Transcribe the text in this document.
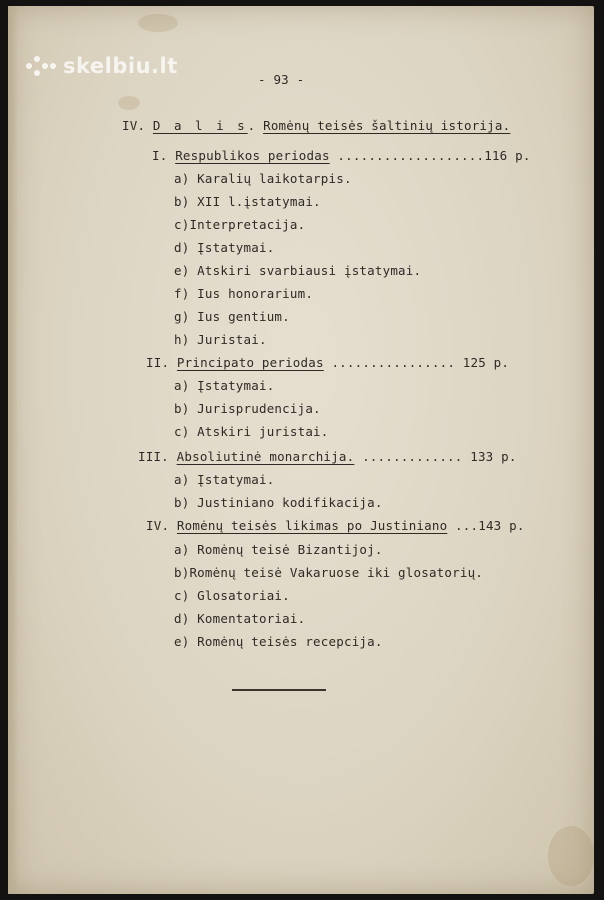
skelbiu.lt
- 93 -
IV. D a l i s. Romėnų teisės šaltinių istorija.
I. Respublikos periodas ...................116 p.
a) Karalių laikotarpis.
b) XII l.įstatymai.
c)Interpretacija.
d) Įstatymai.
e) Atskiri svarbiausi įstatymai.
f) Ius honorarium.
g) Ius gentium.
h) Juristai.
II. Principato periodas ................ 125 p.
a) Įstatymai.
b) Jurisprudencija.
c) Atskiri juristai.
III. Absoliutinė monarchija. ............. 133 p.
a) Įstatymai.
b) Justiniano kodifikacija.
IV. Romėnų teisės likimas po Justiniano ...143 p.
a) Romėnų teisė Bizantijoj.
b)Romėnų teisė Vakaruose iki glosatorių.
c) Glosatoriai.
d) Komentatoriai.
e) Romėnų teisės recepcija.
